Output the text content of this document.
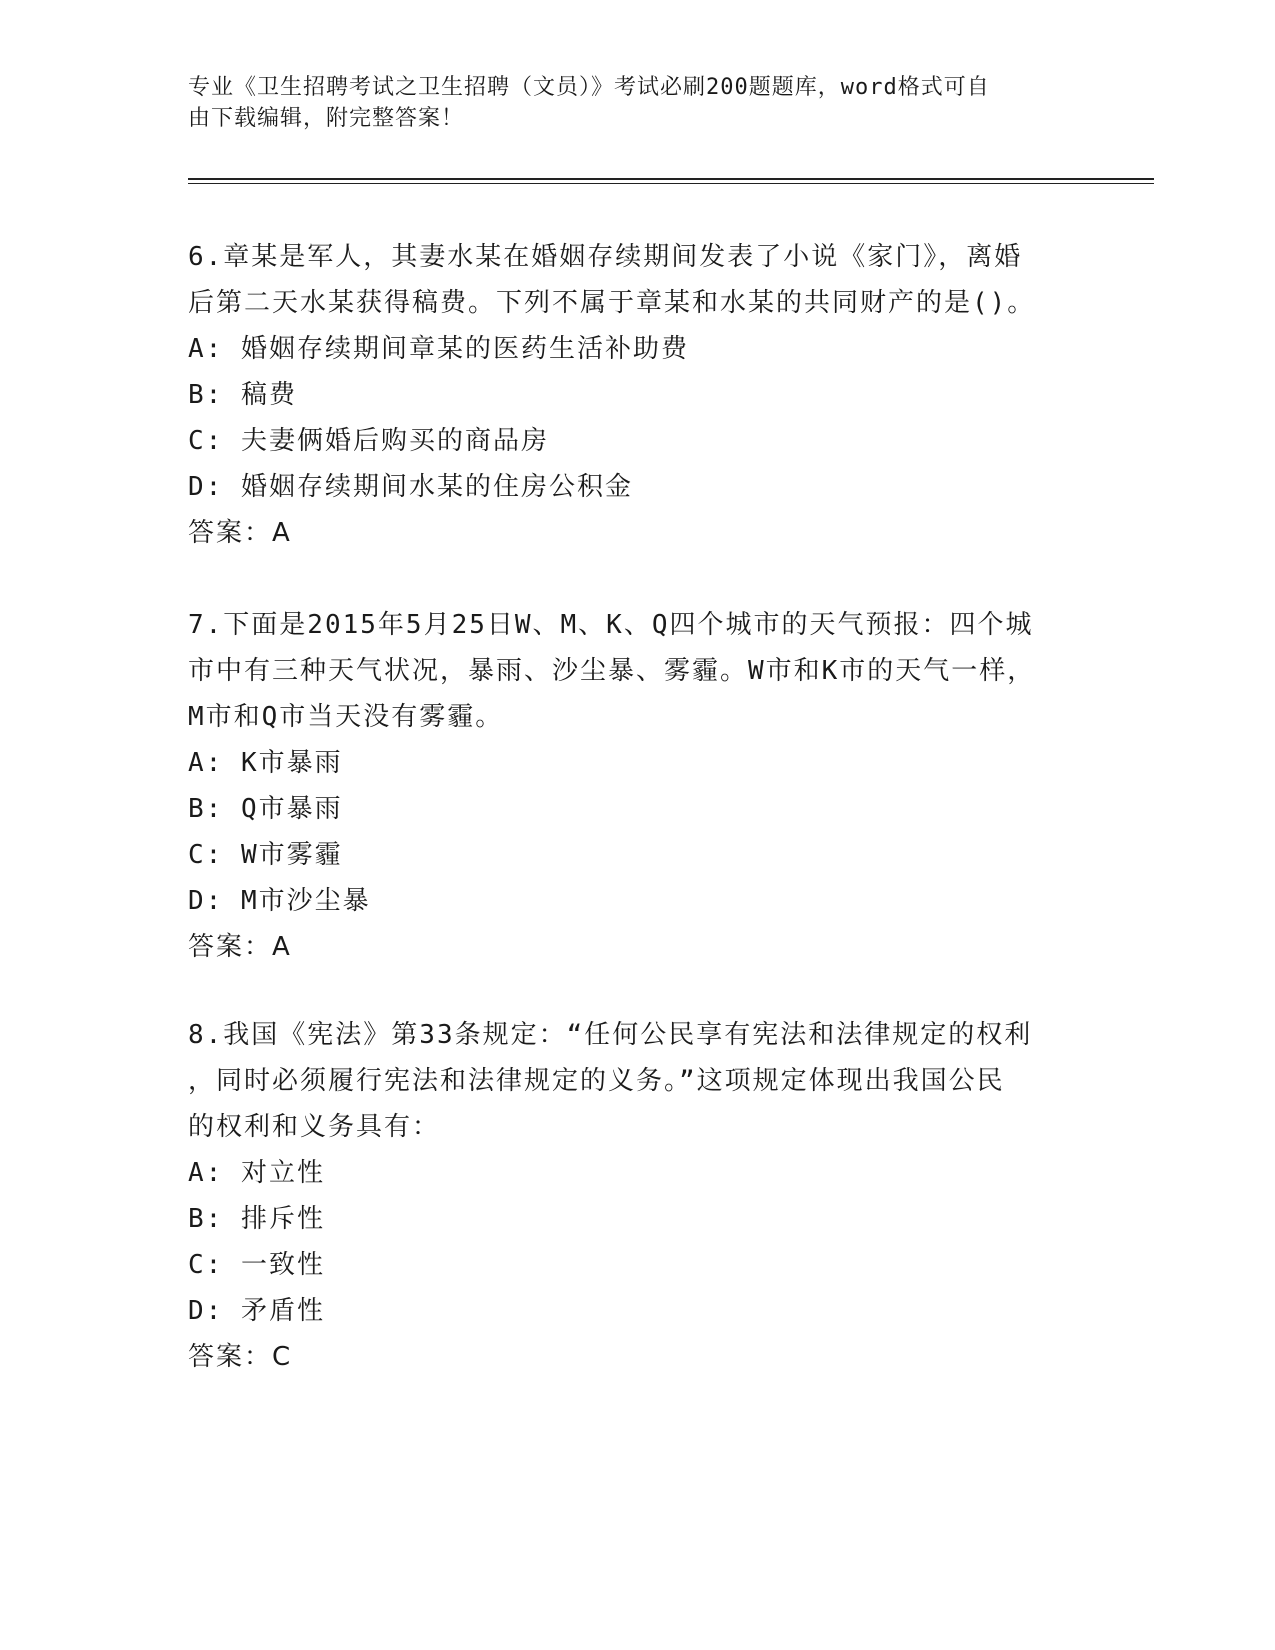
专业《卫生招聘考试之卫生招聘（文员）》考试必刷200题题库，word格式可自
由下载编辑，附完整答案！

6.章某是军人，其妻水某在婚姻存续期间发表了小说《家门》，离婚

后第二天水某获得稿费。下列不属于章某和水某的共同财产的是()。

A: 婚姻存续期间章某的医药生活补助费

B: 稿费

C: 夫妻俩婚后购买的商品房

D: 婚姻存续期间水某的住房公积金

答案：A

7.下面是2015年5月25日W、M、K、Q四个城市的天气预报：四个城

市中有三种天气状况，暴雨、沙尘暴、雾霾。W市和K市的天气一样，

M市和Q市当天没有雾霾。

A: K市暴雨

B: Q市暴雨

C: W市雾霾

D: M市沙尘暴

答案：A

8.我国《宪法》第33条规定：“任何公民享有宪法和法律规定的权利

，同时必须履行宪法和法律规定的义务。”这项规定体现出我国公民

的权利和义务具有：

A: 对立性

B: 排斥性

C: 一致性

D: 矛盾性

答案：C
